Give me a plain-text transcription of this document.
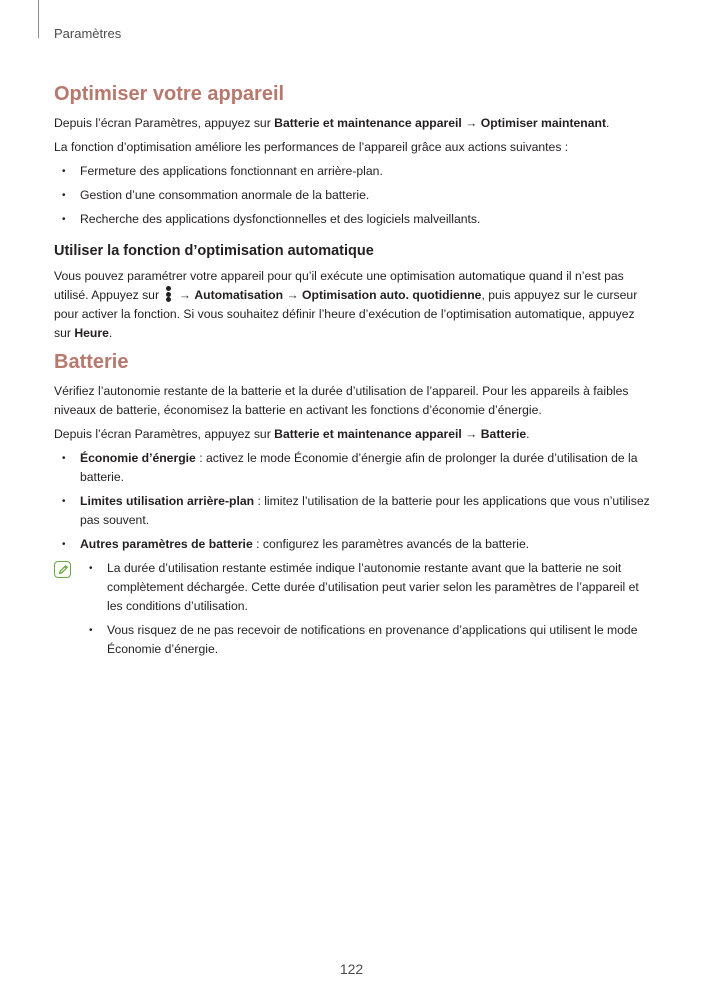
Paramètres
Optimiser votre appareil

Depuis l’écran Paramètres, appuyez sur Batterie et maintenance appareil → Optimiser maintenant.

La fonction d’optimisation améliore les performances de l’appareil grâce aux actions suivantes :

• Fermeture des applications fonctionnant en arrière-plan.
• Gestion d’une consommation anormale de la batterie.
• Recherche des applications dysfonctionnelles et des logiciels malveillants.
Utiliser la fonction d’optimisation automatique

Vous pouvez paramétrer votre appareil pour qu’il exécute une optimisation automatique quand il n’est pas utilisé. Appuyez sur
→ Automatisation → Optimisation auto. quotidienne, puis appuyez sur le curseur pour activer la fonction. Si vous souhaitez définir l’heure d’exécution de l’optimisation automatique, appuyez sur Heure.

Batterie

Vérifiez l’autonomie restante de la batterie et la durée d’utilisation de l’appareil. Pour les appareils à faibles niveaux de batterie, économisez la batterie en activant les fonctions d’économie d’énergie.

Depuis l’écran Paramètres, appuyez sur Batterie et maintenance appareil → Batterie.

• Économie d’énergie : activez le mode Économie d’énergie afin de prolonger la durée d’utilisation de la batterie.
• Limites utilisation arrière-plan : limitez l’utilisation de la batterie pour les applications que vous n’utilisez pas souvent.
• Autres paramètres de batterie : configurez les paramètres avancés de la batterie.
• La durée d’utilisation restante estimée indique l’autonomie restante avant que la batterie ne soit complètement déchargée. Cette durée d’utilisation peut varier selon les paramètres de l’appareil et les conditions d’utilisation.
• Vous risquez de ne pas recevoir de notifications en provenance d’applications qui utilisent le mode Économie d’énergie.
122
